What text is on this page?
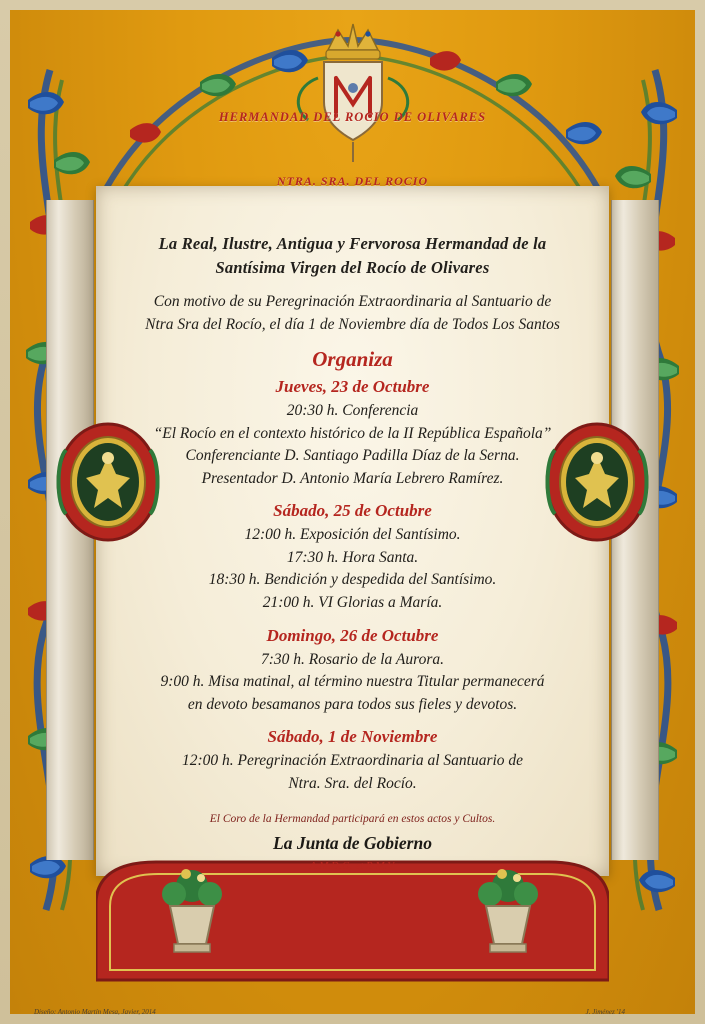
HERMANDAD DEL ROCIO DE OLIVARES
NTRA. SRA. DEL ROCIO

La Real, Ilustre, Antigua y Fervorosa Hermandad de la

Santísima Virgen del Rocío de Olivares

Con motivo de su Peregrinación Extraordinaria al Santuario de

Ntra Sra del Rocío, el día 1 de Noviembre día de Todos Los Santos

Organiza

Jueves, 23 de Octubre

20:30 h. Conferencia

“El Rocío en el contexto histórico de la II República Española”

Conferenciante D. Santiago Padilla Díaz de la Serna.

Presentador D. Antonio María Lebrero Ramírez.

Sábado, 25 de Octubre

12:00 h. Exposición del Santísimo.

17:30 h. Hora Santa.

18:30 h. Bendición y despedida del Santísimo.

21:00 h. VI Glorias a María.

Domingo, 26 de Octubre

7:30 h. Rosario de la Aurora.

9:00 h. Misa matinal, al término nuestra Titular permanecerá

en devoto besamanos para todos sus fieles y devotos.

Sábado, 1 de Noviembre

12:00 h. Peregrinación Extraordinaria al Santuario de

Ntra. Sra. del Rocío.

El Coro de la Hermandad participará en estos actos y Cultos.

La Junta de Gobierno

A.M.D.G. et B.M.V.

Diseño: Antonio Martín Mesa, Javier, 2014	J. Jiménez '14
